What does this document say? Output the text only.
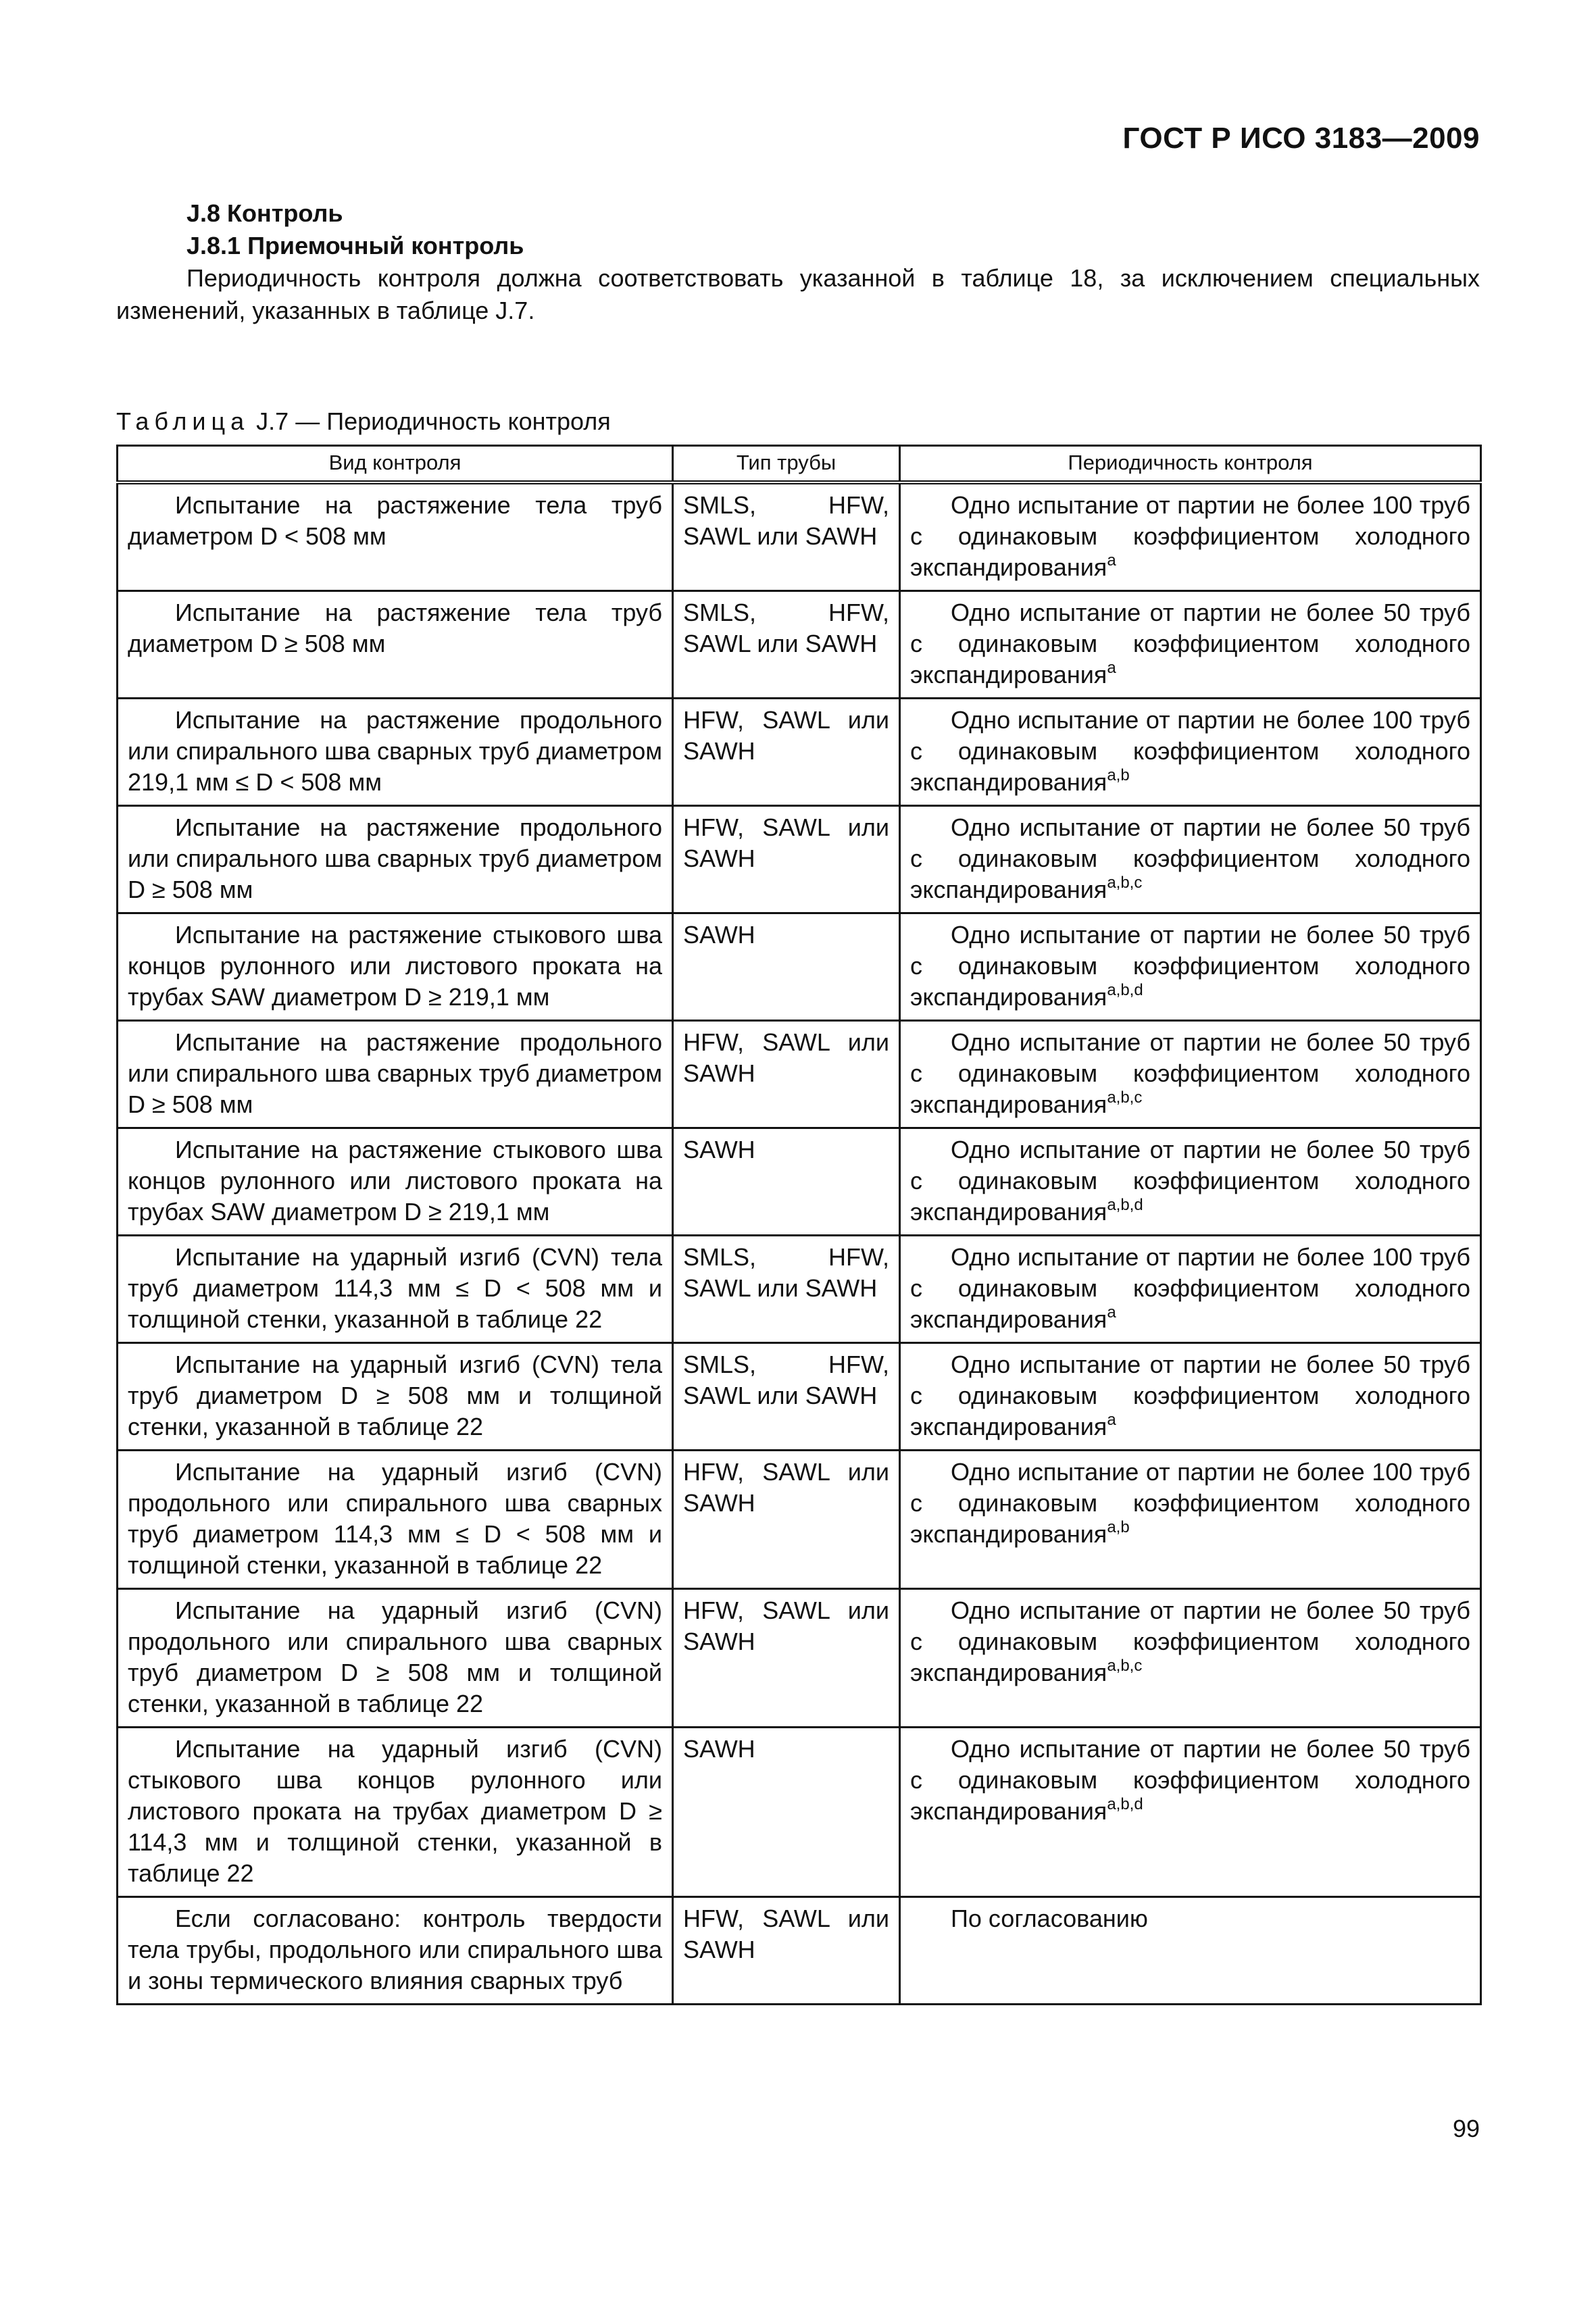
ГОСТ Р ИСО 3183—2009
J.8 Контроль
J.8.1 Приемочный контроль

Периодичность контроля должна соответствовать указанной в таблице 18, за исключением специальных изменений, указанных в таблице J.7.

Таблица J.7 — Периодичность контроля
Вид контроля	Тип трубы	Периодичность контроля
Испытание на растяжение тела труб диаметром D < 508 мм	SMLS, HFW, SAWL или SAWH	Одно испытание от партии не более 100 труб с одинаковым коэффициентом холодного экспандирования$^a$
Испытание на растяжение тела труб диаметром D ≥ 508 мм	SMLS, HFW, SAWL или SAWH	Одно испытание от партии не более 50 труб с одинаковым коэффициентом холодного экспандирования$^a$
Испытание на растяжение продольного или спирального шва сварных труб диаметром 219,1 мм ≤ D < 508 мм	HFW, SAWL или SAWH	Одно испытание от партии не более 100 труб с одинаковым коэффициентом холодного экспандирования$^{a,b}$
Испытание на растяжение продольного или спирального шва сварных труб диаметром D ≥ 508 мм	HFW, SAWL или SAWH	Одно испытание от партии не более 50 труб с одинаковым коэффициентом холодного экспандирования$^{a,b,c}$
Испытание на растяжение стыкового шва концов рулонного или листового проката на трубах SAW диаметром D ≥ 219,1 мм	SAWH	Одно испытание от партии не более 50 труб с одинаковым коэффициентом холодного экспандирования$^{a,b,d}$
Испытание на растяжение продольного или спирального шва сварных труб диаметром D ≥ 508 мм	HFW, SAWL или SAWH	Одно испытание от партии не более 50 труб с одинаковым коэффициентом холодного экспандирования$^{a,b,c}$
Испытание на растяжение стыкового шва концов рулонного или листового проката на трубах SAW диаметром D ≥ 219,1 мм	SAWH	Одно испытание от партии не более 50 труб с одинаковым коэффициентом холодного экспандирования$^{a,b,d}$
Испытание на ударный изгиб (CVN) тела труб диаметром 114,3 мм ≤ D < 508 мм и толщиной стенки, указанной в таблице 22	SMLS, HFW, SAWL или SAWH	Одно испытание от партии не более 100 труб с одинаковым коэффициентом холодного экспандирования$^a$
Испытание на ударный изгиб (CVN) тела труб диаметром D ≥ 508 мм и толщиной стенки, указанной в таблице 22	SMLS, HFW, SAWL или SAWH	Одно испытание от партии не более 50 труб с одинаковым коэффициентом холодного экспандирования$^a$
Испытание на ударный изгиб (CVN) продольного или спирального шва сварных труб диаметром 114,3 мм ≤ D < 508 мм и толщиной стенки, указанной в таблице 22	HFW, SAWL или SAWH	Одно испытание от партии не более 100 труб с одинаковым коэффициентом холодного экспандирования$^{a,b}$
Испытание на ударный изгиб (CVN) продольного или спирального шва сварных труб диаметром D ≥ 508 мм и толщиной стенки, указанной в таблице 22	HFW, SAWL или SAWH	Одно испытание от партии не более 50 труб с одинаковым коэффициентом холодного экспандирования$^{a,b,c}$
Испытание на ударный изгиб (CVN) стыкового шва концов рулонного или листового проката на трубах диаметром D ≥ 114,3 мм и толщиной стенки, указанной в таблице 22	SAWH	Одно испытание от партии не более 50 труб с одинаковым коэффициентом холодного экспандирования$^{a,b,d}$
Если согласовано: контроль твердости тела трубы, продольного или спирального шва и зоны термического влияния сварных труб	HFW, SAWL или SAWH	По согласованию
99
